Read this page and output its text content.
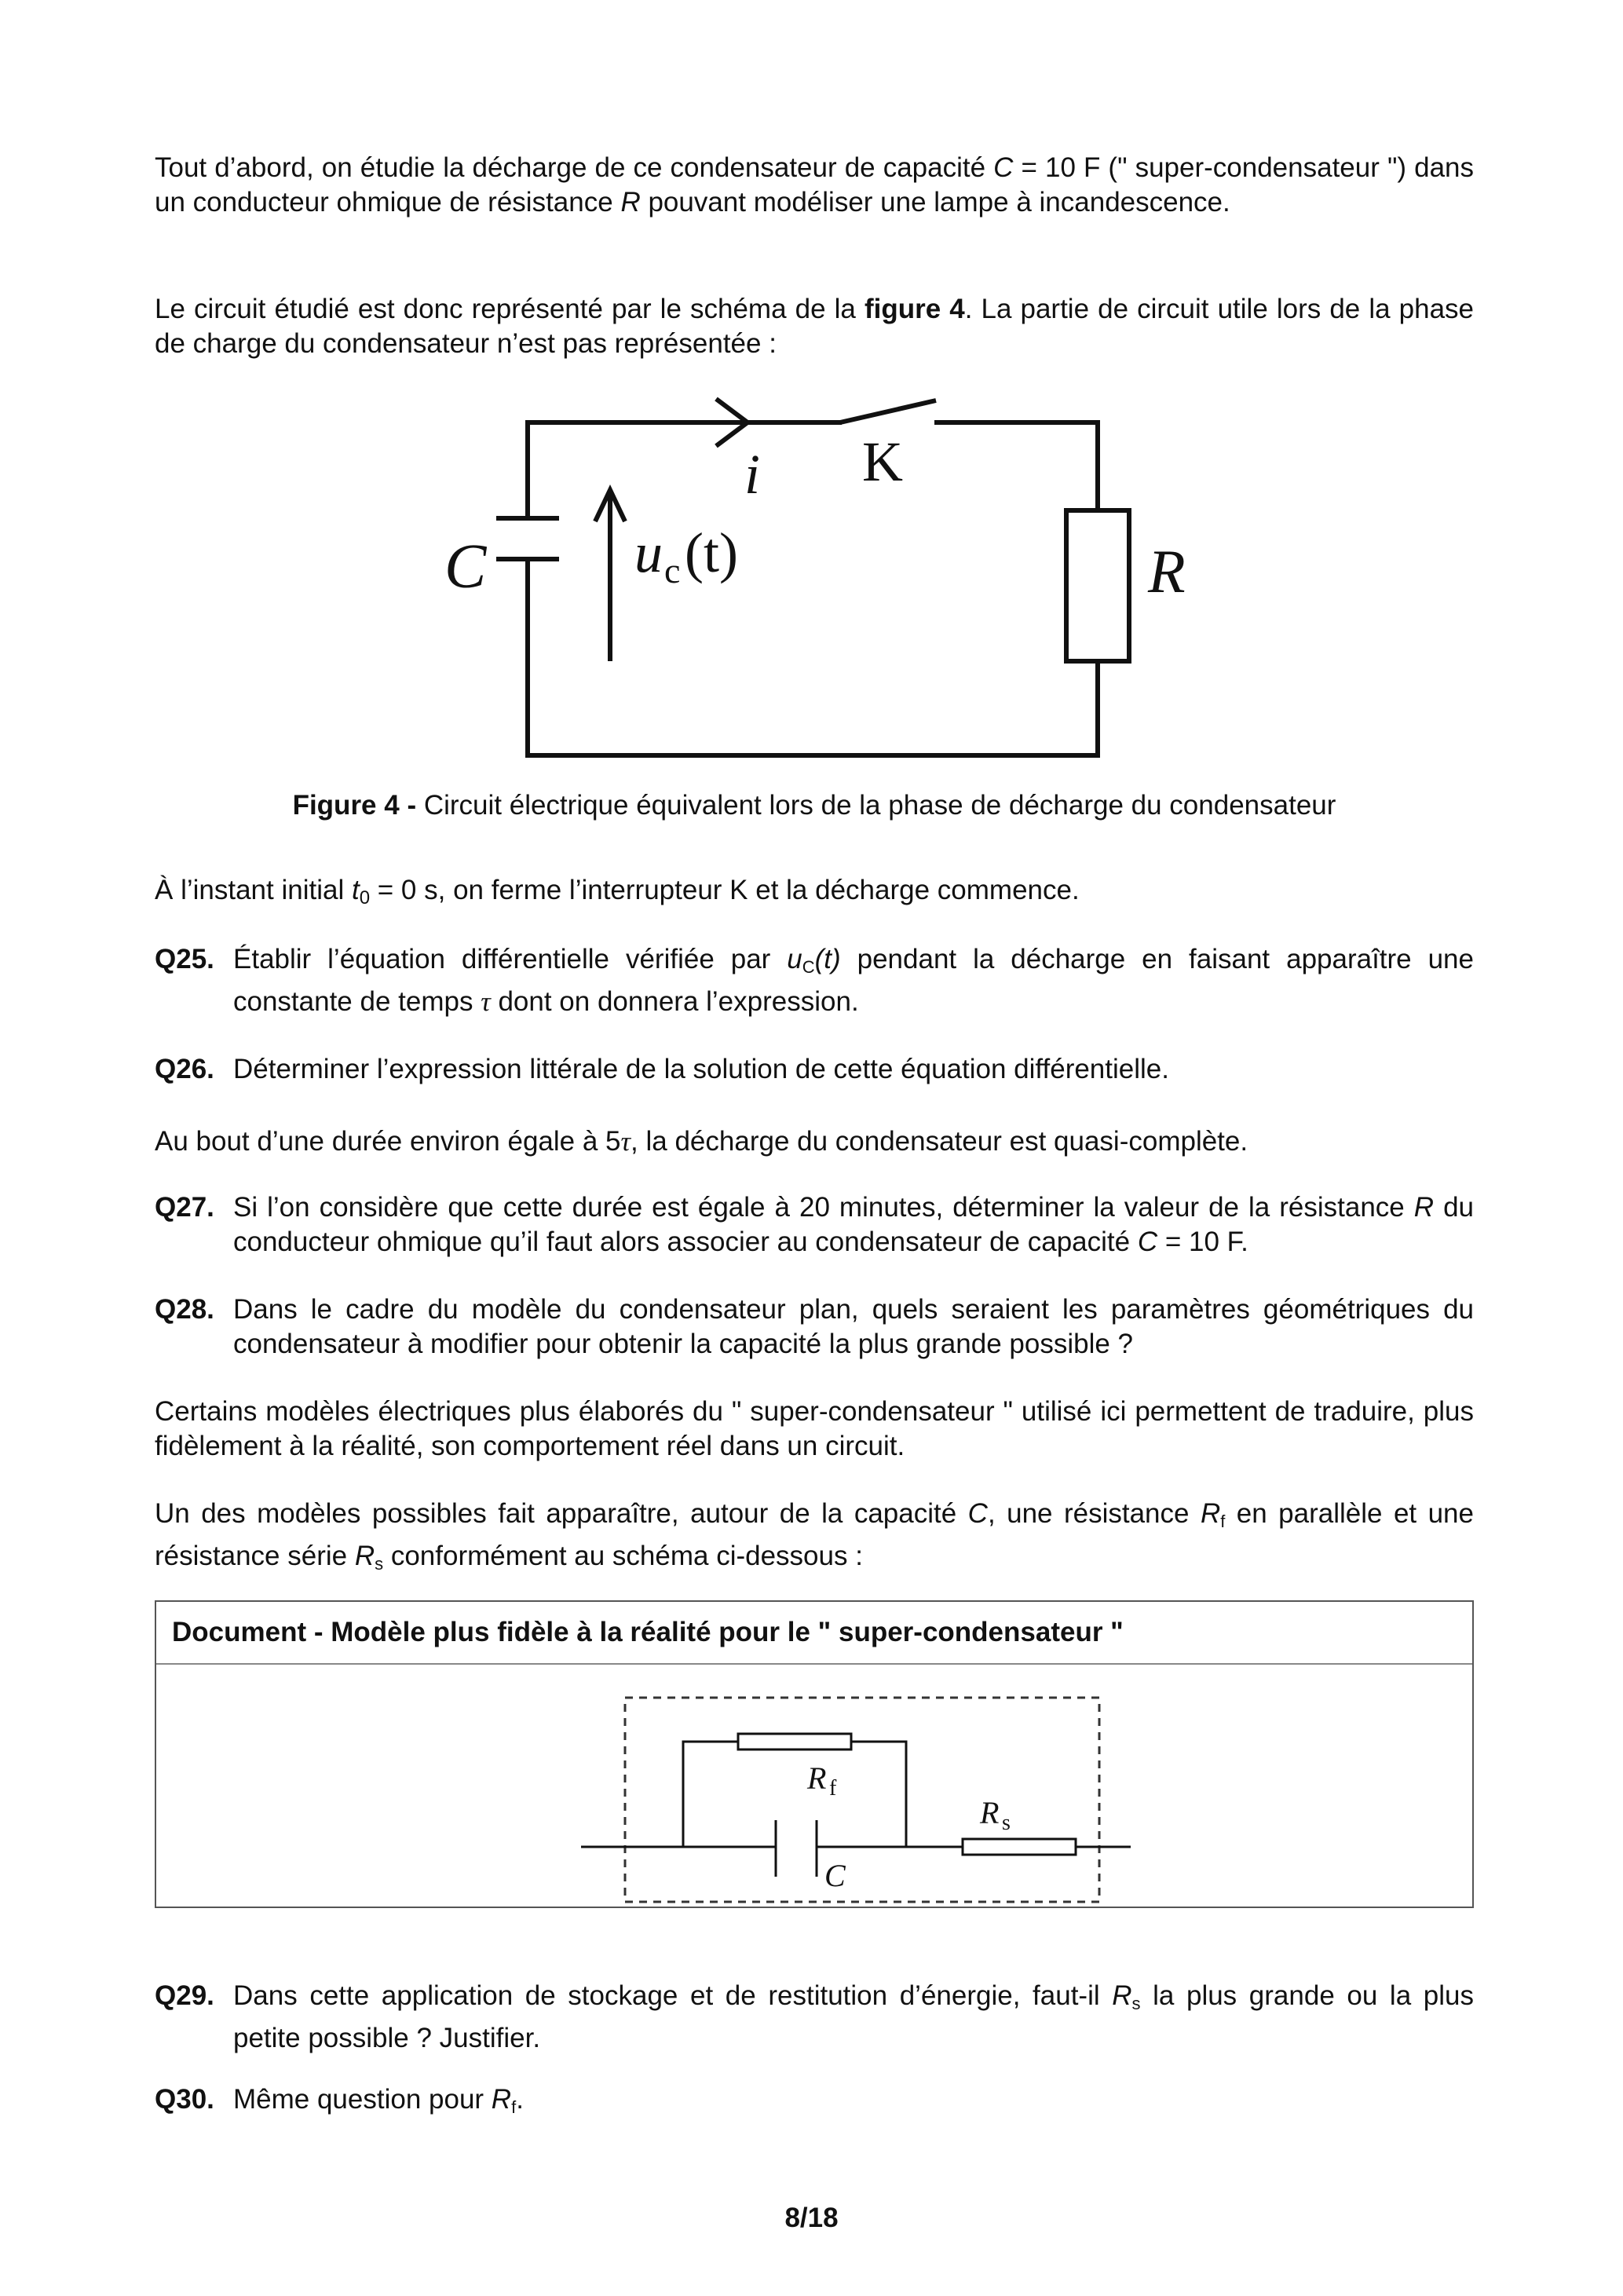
Tout d’abord, on étudie la décharge de ce condensateur de capacité C = 10 F (" super-condensateur ") dans un conducteur ohmique de résistance R pouvant modéliser une lampe à incandescence.

Le circuit étudié est donc représenté par le schéma de la figure 4. La partie de circuit utile lors de la phase de charge du condensateur n’est pas représentée :

C	u c (t)
i K
R
Figure 4 - Circuit électrique équivalent lors de la phase de décharge du condensateur

À l’instant initial $t_0 = 0$ s, on ferme l’interrupteur K et la décharge commence.

Q25. Établir l’équation différentielle vérifiée par $u_C(t)$ pendant la décharge en faisant apparaître une constante de temps τ dont on donnera l’expression.
Q26. Déterminer l’expression littérale de la solution de cette équation différentielle.

Au bout d’une durée environ égale à 5τ, la décharge du condensateur est quasi-complète.

Q27. Si l’on considère que cette durée est égale à 20 minutes, déterminer la valeur de la résistance R du conducteur ohmique qu’il faut alors associer au condensateur de capacité C = 10 F.
Q28. Dans le cadre du modèle du condensateur plan, quels seraient les paramètres géométriques du condensateur à modifier pour obtenir la capacité la plus grande possible ?

Certains modèles électriques plus élaborés du " super-condensateur " utilisé ici permettent de traduire, plus fidèlement à la réalité, son comportement réel dans un circuit.

Un des modèles possibles fait apparaître, autour de la capacité C, une résistance $R_f$ en parallèle et une résistance série $R_s$ conformément au schéma ci-dessous :

Document - Modèle plus fidèle à la réalité pour le " super-condensateur "
R f
R s
C
Q29. Dans cette application de stockage et de restitution d’énergie, faut-il $R_s$ la plus grande ou la plus petite possible ? Justifier.
Q30. Même question pour $R_f$.
8/18
